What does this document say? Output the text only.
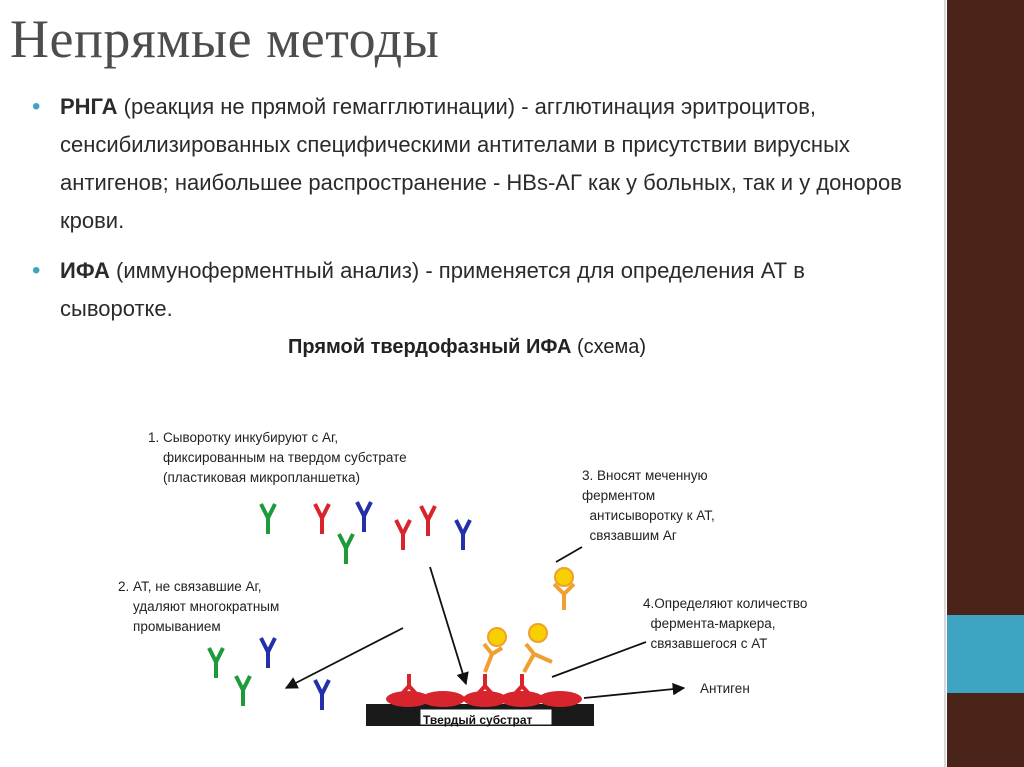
Непрямые методы
• РНГА (реакция не прямой гемагглютинации) - агглютинация эритроцитов, сенсибилизированных специфическими антителами в присутствии вирусных антигенов; наибольшее распространение - HBs-АГ как у больных, так и у доноров крови.
• ИФА (иммуноферментный анализ) - применяется для определения АТ в сыворотке.
Прямой твердофазный ИФА (схема)
1. Сыворотку инкубируют с Аг,
фиксированным на твердом субстрате
(пластиковая микропланшетка)
2. АТ, не связавшие Аг,
удаляют многократным
промыванием
3. Вносят меченную
ферментом
антисыворотку к АТ,
связавшим Аг
4.Определяют количество
фермента-маркера,
связавшегося с АТ
Антиген
Твердый субстрат
